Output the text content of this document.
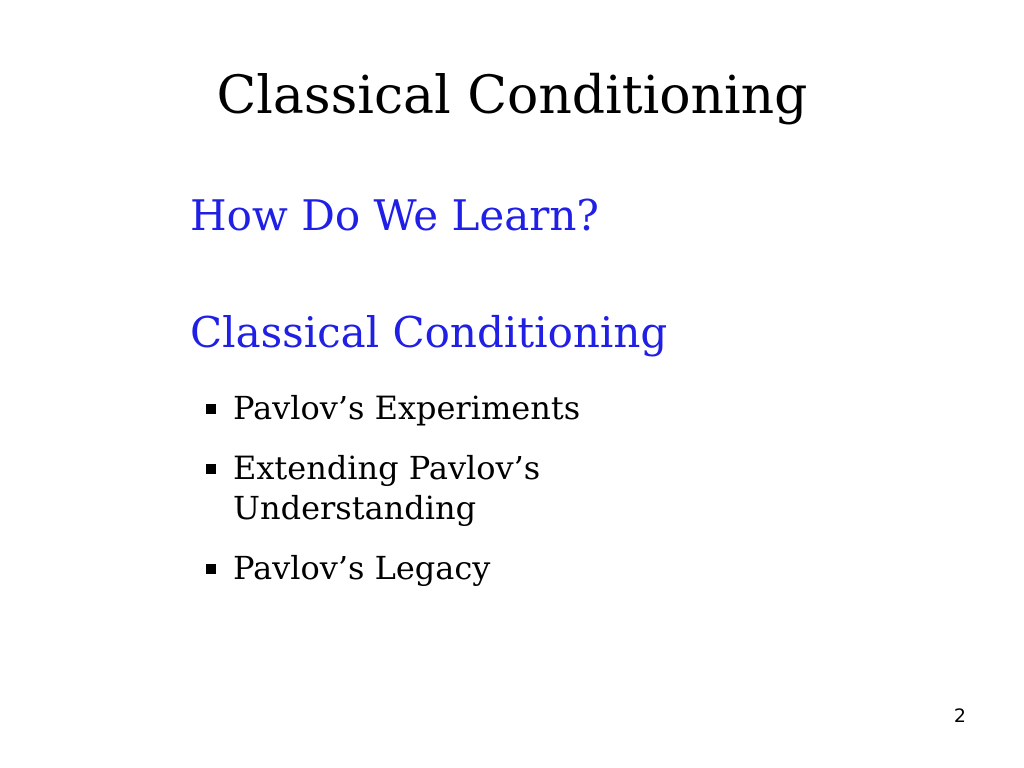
Classical Conditioning
How Do We Learn?
Classical Conditioning
Pavlov’s Experiments
Extending Pavlov’s Understanding
Pavlov’s Legacy
2
